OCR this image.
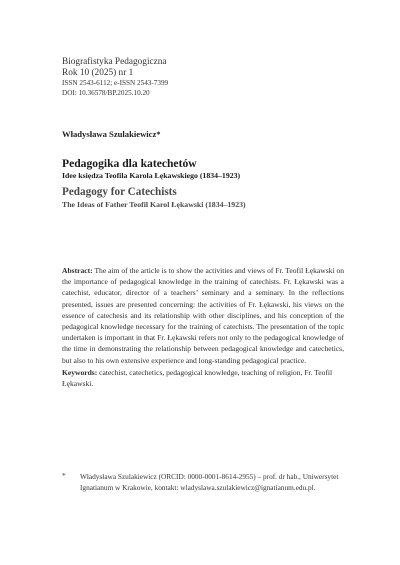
Biografistyka Pedagogiczna
Rok 10 (2025) nr 1
ISSN 2543-6112; e-ISSN 2543-7399
DOI: 10.36578/BP.2025.10.20
Władysława Szulakiewicz*
Pedagogika dla katechetów
Idee księdza Teofila Karola Łękawskiego (1834–1923)
Pedagogy for Catechists
The Ideas of Father Teofil Karol Łękawski (1834–1923)
Abstract: The aim of the article is to show the activities and views of Fr. Teofil Łękawski on the importance of pedagogical knowledge in the training of catechists. Fr. Łękawski was a catechist, educator, director of a teachers’ seminary and a seminary. In the reflections presented, issues are presented concerning: the activities of Fr. Łękawski, his views on the essence of catechesis and its relationship with other disciplines, and his conception of the pedagogical knowledge necessary for the training of catechists. The presentation of the topic undertaken is important in that Fr. Łękawski refers not only to the pedagogical knowledge of the time in demonstrating the relationship between pedagogical knowledge and catechetics, but also to his own extensive experience and long-standing pedagogical practice.
Keywords: catechist, catechetics, pedagogical knowledge, teaching of religion, Fr. Teofil Łękawski.
* Władysława Szulakiewicz (ORCID: 0000-0001-8614-2955) – prof. dr hab., Uniwersytet Ignatianum w Krakowie, kontakt: wladyslawa.szulakiewicz@ignatianum.edu.pl.
